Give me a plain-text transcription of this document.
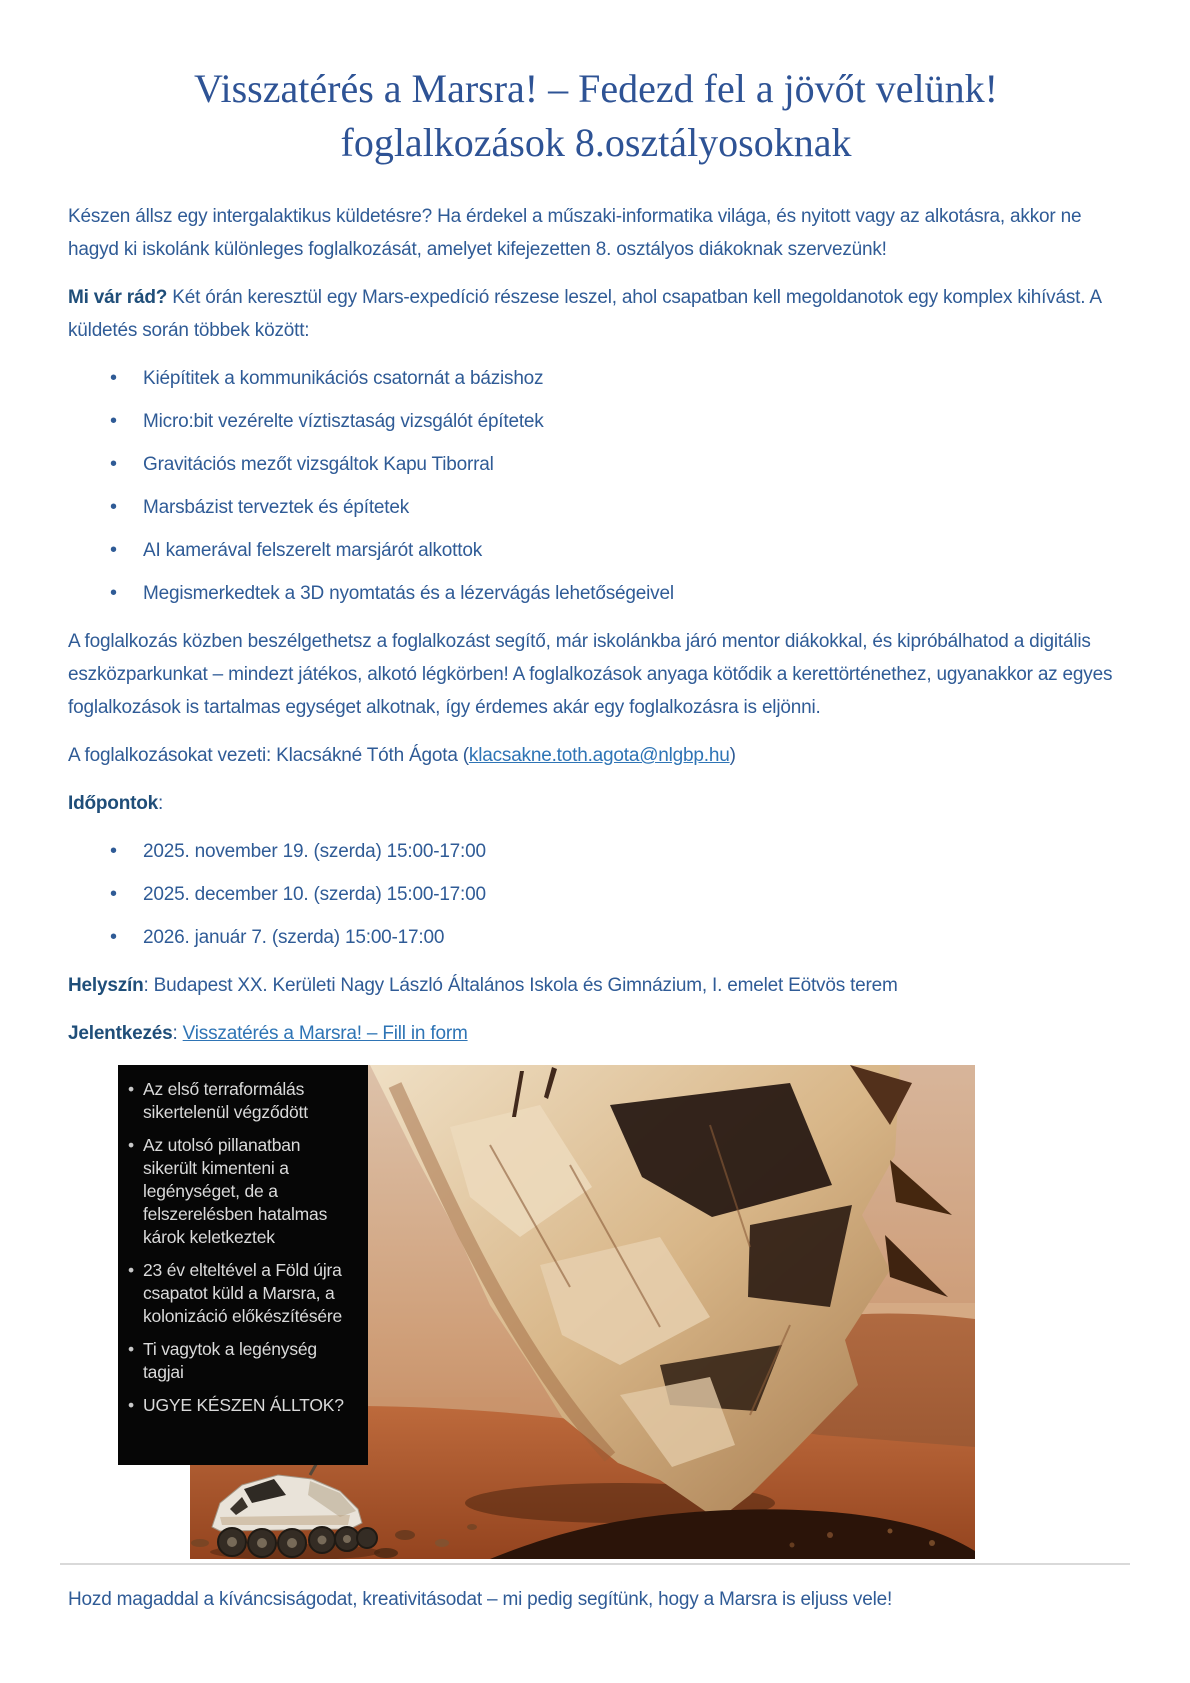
Visszatérés a Marsra! – Fedezd fel a jövőt velünk!
foglalkozások 8.osztályosoknak

Készen állsz egy intergalaktikus küldetésre? Ha érdekel a műszaki-informatika világa, és nyitott vagy az alkotásra, akkor ne hagyd ki iskolánk különleges foglalkozását, amelyet kifejezetten 8. osztályos diákoknak szervezünk!

Mi vár rád? Két órán keresztül egy Mars-expedíció részese leszel, ahol csapatban kell megoldanotok egy komplex kihívást. A küldetés során többek között:

• Kiépítitek a kommunikációs csatornát a bázishoz
• Micro:bit vezérelte víztisztaság vizsgálót építetek
• Gravitációs mezőt vizsgáltok Kapu Tiborral
• Marsbázist terveztek és építetek
• AI kamerával felszerelt marsjárót alkottok
• Megismerkedtek a 3D nyomtatás és a lézervágás lehetőségeivel

A foglalkozás közben beszélgethetsz a foglalkozást segítő, már iskolánkba járó mentor diákokkal, és kipróbálhatod a digitális eszközparkunkat – mindezt játékos, alkotó légkörben! A foglalkozások anyaga kötődik a kerettörténethez, ugyanakkor az egyes foglalkozások is tartalmas egységet alkotnak, így érdemes akár egy foglalkozásra is eljönni.

A foglalkozásokat vezeti: Klacsákné Tóth Ágota (klacsakne.toth.agota@nlgbp.hu)

Időpontok:

• 2025. november 19. (szerda) 15:00-17:00
• 2025. december 10. (szerda) 15:00-17:00
• 2026. január 7. (szerda) 15:00-17:00

Helyszín: Budapest XX. Kerületi Nagy László Általános Iskola és Gimnázium, I. emelet Eötvös terem

Jelentkezés: Visszatérés a Marsra! – Fill in form

• Az első terraformálás sikertelenül végződött

• Az utolsó pillanatban sikerült kimenteni a legénységet, de a felszerelésben hatalmas károk keletkeztek

• 23 év elteltével a Föld újra csapatot küld a Marsra, a kolonizáció előkészítésére

• Ti vagytok a legénység tagjai

• UGYE KÉSZEN ÁLLTOK?

Hozd magaddal a kíváncsiságodat, kreativitásodat – mi pedig segítünk, hogy a Marsra is eljuss vele!
